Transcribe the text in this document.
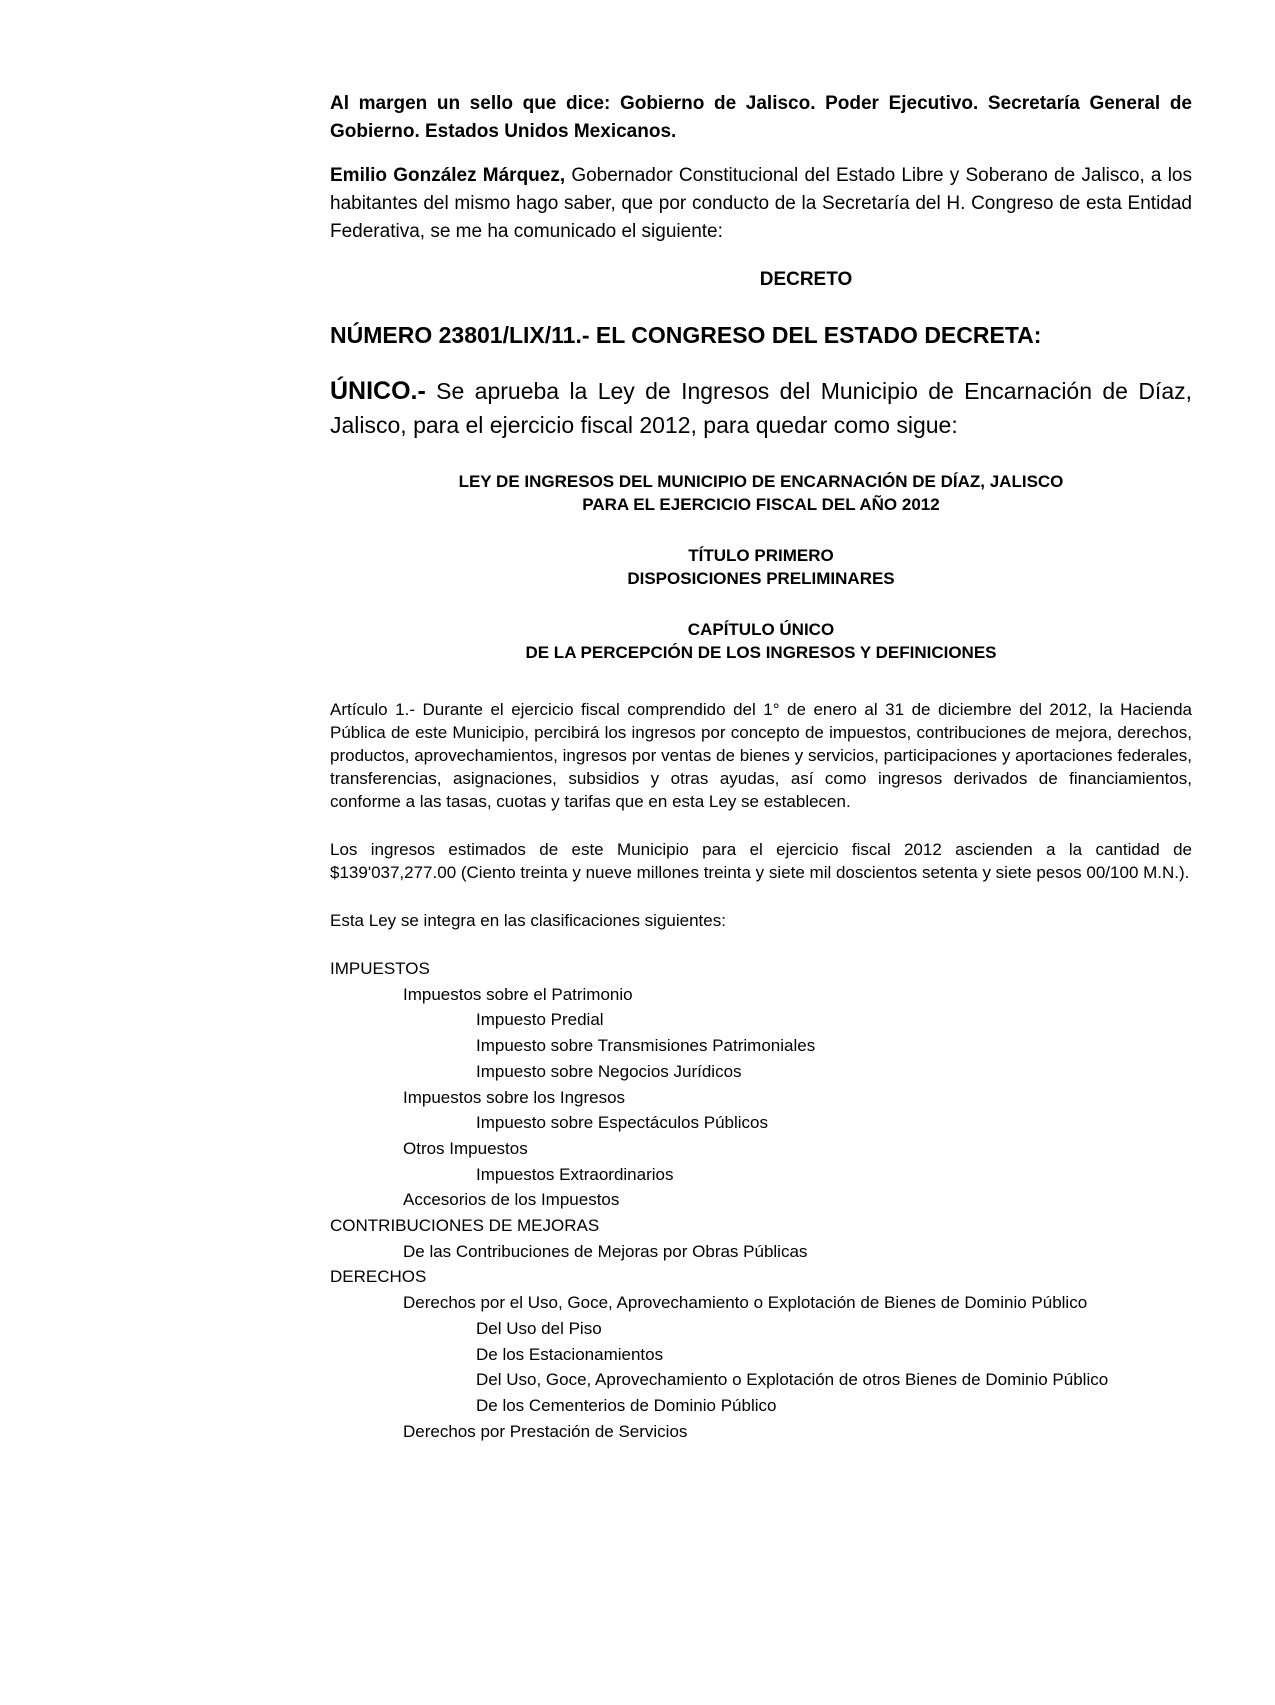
Al margen un sello que dice: Gobierno de Jalisco. Poder Ejecutivo. Secretaría General de Gobierno. Estados Unidos Mexicanos.

Emilio González Márquez, Gobernador Constitucional del Estado Libre y Soberano de Jalisco, a los habitantes del mismo hago saber, que por conducto de la Secretaría del H. Congreso de esta Entidad Federativa, se me ha comunicado el siguiente:

DECRETO

NÚMERO 23801/LIX/11.- EL CONGRESO DEL ESTADO DECRETA:

ÚNICO.- Se aprueba la Ley de Ingresos del Municipio de Encarnación de Díaz, Jalisco, para el ejercicio fiscal 2012, para quedar como sigue:

LEY DE INGRESOS DEL MUNICIPIO DE ENCARNACIÓN DE DÍAZ, JALISCO
PARA EL EJERCICIO FISCAL DEL AÑO 2012
TÍTULO PRIMERO
DISPOSICIONES PRELIMINARES
CAPÍTULO ÚNICO
DE LA PERCEPCIÓN DE LOS INGRESOS Y DEFINICIONES

Artículo 1.- Durante el ejercicio fiscal comprendido del 1° de enero al 31 de diciembre del 2012, la Hacienda Pública de este Municipio, percibirá los ingresos por concepto de impuestos, contribuciones de mejora, derechos, productos, aprovechamientos, ingresos por ventas de bienes y servicios, participaciones y aportaciones federales, transferencias, asignaciones, subsidios y otras ayudas, así como ingresos derivados de financiamientos, conforme a las tasas, cuotas y tarifas que en esta Ley se establecen.

Los ingresos estimados de este Municipio para el ejercicio fiscal 2012 ascienden a la cantidad de $139'037,277.00 (Ciento treinta y nueve millones treinta y siete mil doscientos setenta y siete pesos 00/100 M.N.).

Esta Ley se integra en las clasificaciones siguientes:

IMPUESTOS
Impuestos sobre el Patrimonio
Impuesto Predial
Impuesto sobre Transmisiones Patrimoniales
Impuesto sobre Negocios Jurídicos
Impuestos sobre los Ingresos
Impuesto sobre Espectáculos Públicos
Otros Impuestos
Impuestos Extraordinarios
Accesorios de los Impuestos
CONTRIBUCIONES DE MEJORAS
De las Contribuciones de Mejoras por Obras Públicas
DERECHOS
Derechos por el Uso, Goce, Aprovechamiento o Explotación de Bienes de Dominio Público
Del Uso del Piso
De los Estacionamientos
Del Uso, Goce, Aprovechamiento o Explotación de otros Bienes de Dominio Público
De los Cementerios de Dominio Público
Derechos por Prestación de Servicios
